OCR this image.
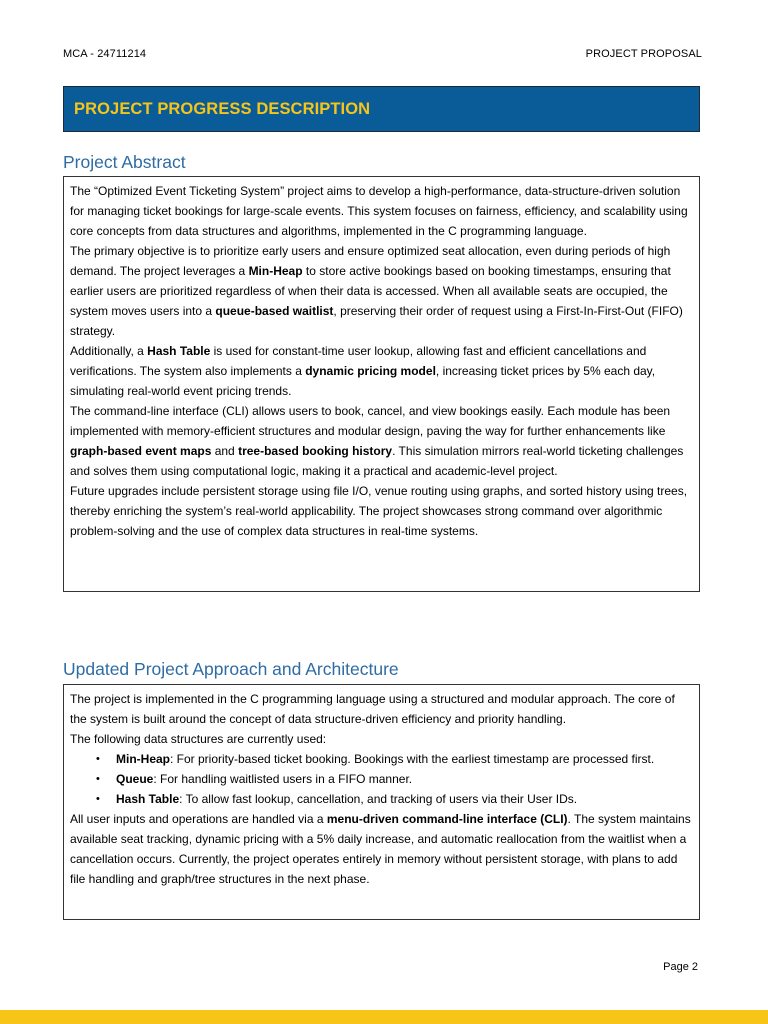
MCA - 24711214	PROJECT PROPOSAL
PROJECT PROGRESS DESCRIPTION
Project Abstract

The “Optimized Event Ticketing System” project aims to develop a high-performance, data-structure-driven solution for managing ticket bookings for large-scale events. This system focuses on fairness, efficiency, and scalability using core concepts from data structures and algorithms, implemented in the C programming language.

The primary objective is to prioritize early users and ensure optimized seat allocation, even during periods of high demand. The project leverages a Min-Heap to store active bookings based on booking timestamps, ensuring that earlier users are prioritized regardless of when their data is accessed. When all available seats are occupied, the system moves users into a queue-based waitlist, preserving their order of request using a First-In-First-Out (FIFO) strategy.

Additionally, a Hash Table is used for constant-time user lookup, allowing fast and efficient cancellations and verifications. The system also implements a dynamic pricing model, increasing ticket prices by 5% each day, simulating real-world event pricing trends.

The command-line interface (CLI) allows users to book, cancel, and view bookings easily. Each module has been implemented with memory-efficient structures and modular design, paving the way for further enhancements like graph-based event maps and tree-based booking history. This simulation mirrors real-world ticketing challenges and solves them using computational logic, making it a practical and academic-level project.

Future upgrades include persistent storage using file I/O, venue routing using graphs, and sorted history using trees, thereby enriching the system’s real-world applicability. The project showcases strong command over algorithmic problem-solving and the use of complex data structures in real-time systems.

Updated Project Approach and Architecture

The project is implemented in the C programming language using a structured and modular approach. The core of the system is built around the concept of data structure-driven efficiency and priority handling.

The following data structures are currently used:

• Min-Heap: For priority-based ticket booking. Bookings with the earliest timestamp are processed first.
• Queue: For handling waitlisted users in a FIFO manner.
• Hash Table: To allow fast lookup, cancellation, and tracking of users via their User IDs.

All user inputs and operations are handled via a menu-driven command-line interface (CLI). The system maintains available seat tracking, dynamic pricing with a 5% daily increase, and automatic reallocation from the waitlist when a cancellation occurs. Currently, the project operates entirely in memory without persistent storage, with plans to add file handling and graph/tree structures in the next phase.

Page 2
